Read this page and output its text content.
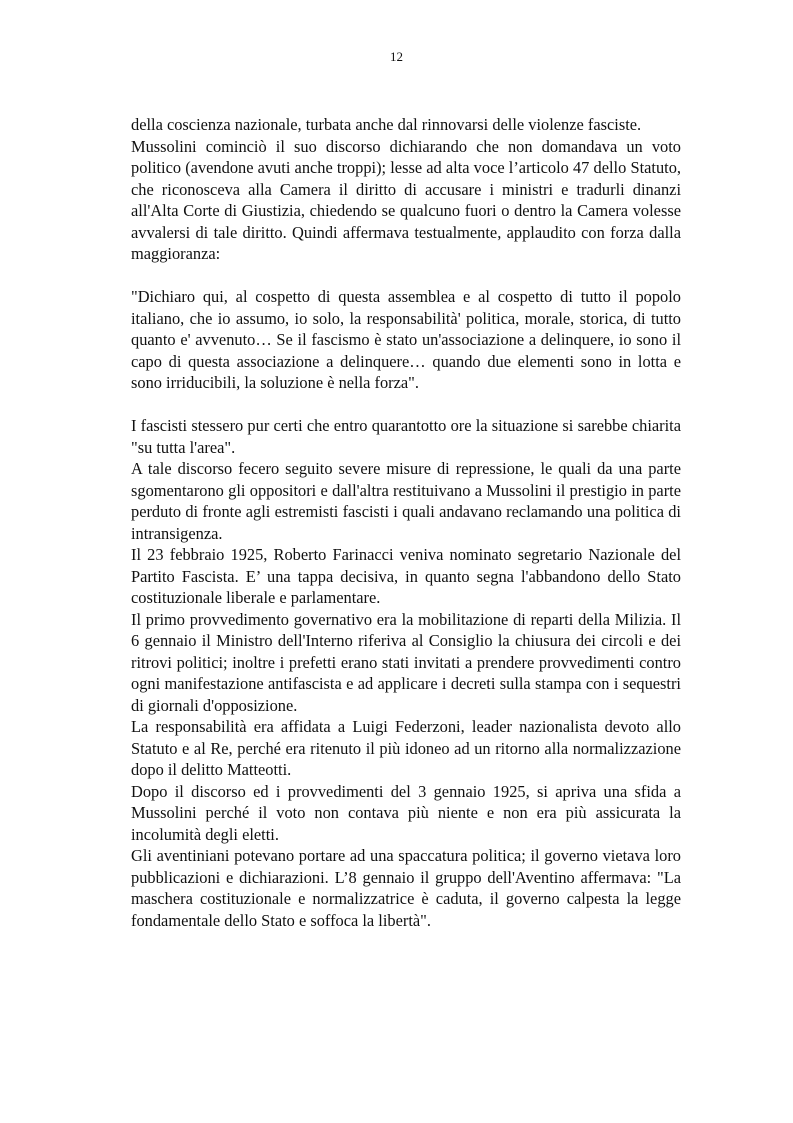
12

della coscienza nazionale, turbata anche dal rinnovarsi delle violenze fasciste.

Mussolini cominciò il suo discorso dichiarando che non domandava un voto politico (avendone avuti anche troppi); lesse ad alta voce l’articolo 47 dello Statuto, che riconosceva alla Camera il diritto di accusare i ministri e tradurli dinanzi all'Alta Corte di Giustizia, chiedendo se qualcuno fuori o dentro la Camera volesse avvalersi di tale diritto. Quindi affermava testualmente, applaudito con forza dalla maggioranza:

"Dichiaro qui, al cospetto di questa assemblea e al cospetto di tutto il popolo italiano, che io assumo, io solo, la responsabilità' politica, morale, storica, di tutto quanto e' avvenuto… Se il fascismo è stato un'associazione a delinquere, io sono il capo di questa associazione a delinquere… quando due elementi sono in lotta e sono irriducibili, la soluzione è nella forza".

I fascisti stessero pur certi che entro quarantotto ore la situazione si sarebbe chiarita "su tutta l'area".

A tale discorso fecero seguito severe misure di repressione, le quali da una parte sgomentarono gli oppositori e dall'altra restituivano a Mussolini il prestigio in parte perduto di fronte agli estremisti fascisti i quali andavano reclamando una politica di intransigenza.

Il 23 febbraio 1925, Roberto Farinacci veniva nominato segretario Nazionale del Partito Fascista. E’ una tappa decisiva, in quanto segna l'abbandono dello Stato costituzionale liberale e parlamentare.

Il primo provvedimento governativo era la mobilitazione di reparti della Milizia. Il 6 gennaio il Ministro dell'Interno riferiva al Consiglio la chiusura dei circoli e dei ritrovi politici; inoltre i prefetti erano stati invitati a prendere provvedimenti contro ogni manifestazione antifascista e ad applicare i decreti sulla stampa con i sequestri di giornali d'opposizione.

La responsabilità era affidata a Luigi Federzoni, leader nazionalista devoto allo Statuto e al Re, perché era ritenuto il più idoneo ad un ritorno alla normalizzazione dopo il delitto Matteotti.

Dopo il discorso ed i provvedimenti del 3 gennaio 1925, si apriva una sfida a Mussolini perché il voto non contava più niente e non era più assicurata la incolumità degli eletti.

Gli aventiniani potevano portare ad una spaccatura politica; il governo vietava loro pubblicazioni e dichiarazioni. L’8 gennaio il gruppo dell'Aventino affermava: "La maschera costituzionale e normalizzatrice è caduta, il governo calpesta la legge fondamentale dello Stato e soffoca la libertà".
